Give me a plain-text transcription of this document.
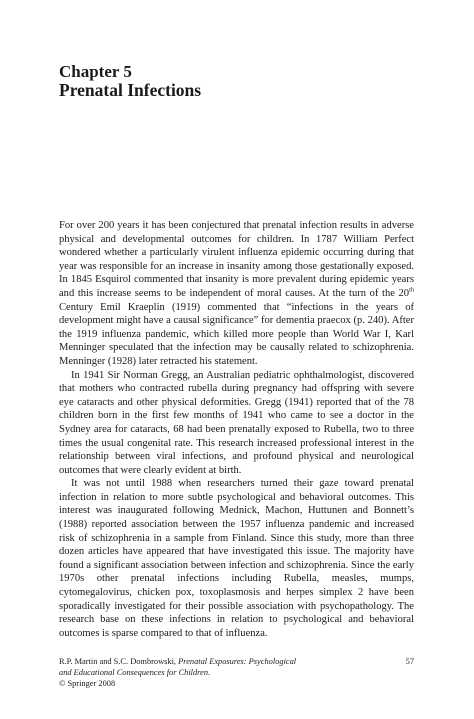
Chapter 5
Prenatal Infections

For over 200 years it has been conjectured that prenatal infection results in adverse physical and developmental outcomes for children. In 1787 William Perfect wondered whether a particularly virulent influenza epidemic occurring during that year was responsible for an increase in insanity among those gestationally exposed. In 1845 Esquirol commented that insanity is more prevalent during epidemic years and this increase seems to be independent of moral causes. At the turn of the 20th Century Emil Kraeplin (1919) commented that “infections in the years of development might have a causal significance” for dementia praecox (p. 240). After the 1919 influenza pandemic, which killed more people than World War I, Karl Menninger speculated that the infection may be causally related to schizophrenia. Menninger (1928) later retracted his statement.

In 1941 Sir Norman Gregg, an Australian pediatric ophthalmologist, discovered that mothers who contracted rubella during pregnancy had offspring with severe eye cataracts and other physical deformities. Gregg (1941) reported that of the 78 children born in the first few months of 1941 who came to see a doctor in the Sydney area for cataracts, 68 had been prenatally exposed to Rubella, two to three times the usual congenital rate. This research increased professional interest in the relationship between viral infections, and profound physical and neurological outcomes that were clearly evident at birth.

It was not until 1988 when researchers turned their gaze toward prenatal infection in relation to more subtle psychological and behavioral outcomes. This interest was inaugurated following Mednick, Machon, Huttunen and Bonnett’s (1988) reported association between the 1957 influenza pandemic and increased risk of schizophrenia in a sample from Finland. Since this study, more than three dozen articles have appeared that have investigated this issue. The majority have found a significant association between infection and schizophrenia. Since the early 1970s other prenatal infections including Rubella, measles, mumps, cytomegalovirus, chicken pox, toxoplasmosis and herpes simplex 2 have been sporadically investigated for their possible association with psychopathology. The research base on these infections in relation to psychological and behavioral outcomes is sparse compared to that of influenza.

R.P. Martin and S.C. Dombrowski, Prenatal Exposures: Psychological
and Educational Consequences for Children.
© Springer 2008
57
